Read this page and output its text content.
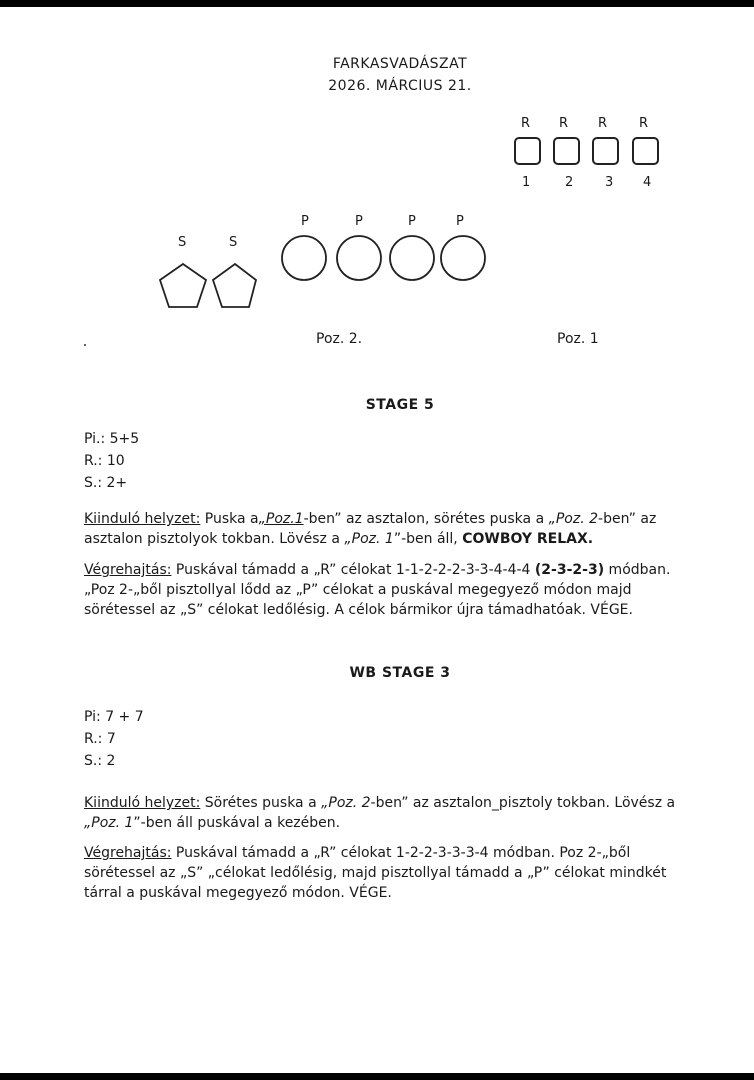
FARKASVADÁSZAT
2026. MÁRCIUS 21.
R R R R
1	2 3 4
P	P	P	P
S	S
Poz. 2.	Poz. 1
STAGE 5
Pi.: 5+5
R.: 10
S.: 2+
Kiinduló helyzet: Puska a„Poz.1-ben” az asztalon, sörétes puska a „Poz. 2-ben” az asztalon pisztolyok tokban. Lövész a „Poz. 1”-ben áll, COWBOY RELAX.
Végrehajtás: Puskával támadd a „R” célokat 1-1-2-2-2-3-3-4-4-4 (2-3-2-3) módban. „Poz 2-„ből pisztollyal lődd az „P” célokat a puskával megegyező módon majd sörétessel az „S” célokat ledőlésig. A célok bármikor újra támadhatóak. VÉGE.
WB STAGE 3
Pi: 7 + 7
R.: 7
S.: 2
Kiinduló helyzet: Sörétes puska a „Poz. 2-ben” az asztalon_pisztoly tokban. Lövész a „Poz. 1”-ben áll puskával a kezében.
Végrehajtás: Puskával támadd a „R” célokat 1-2-2-3-3-3-4 módban. Poz 2-„ből sörétessel az „S” „célokat ledőlésig, majd pisztollyal támadd a „P” célokat mindkét tárral a puskával megegyező módon. VÉGE.
